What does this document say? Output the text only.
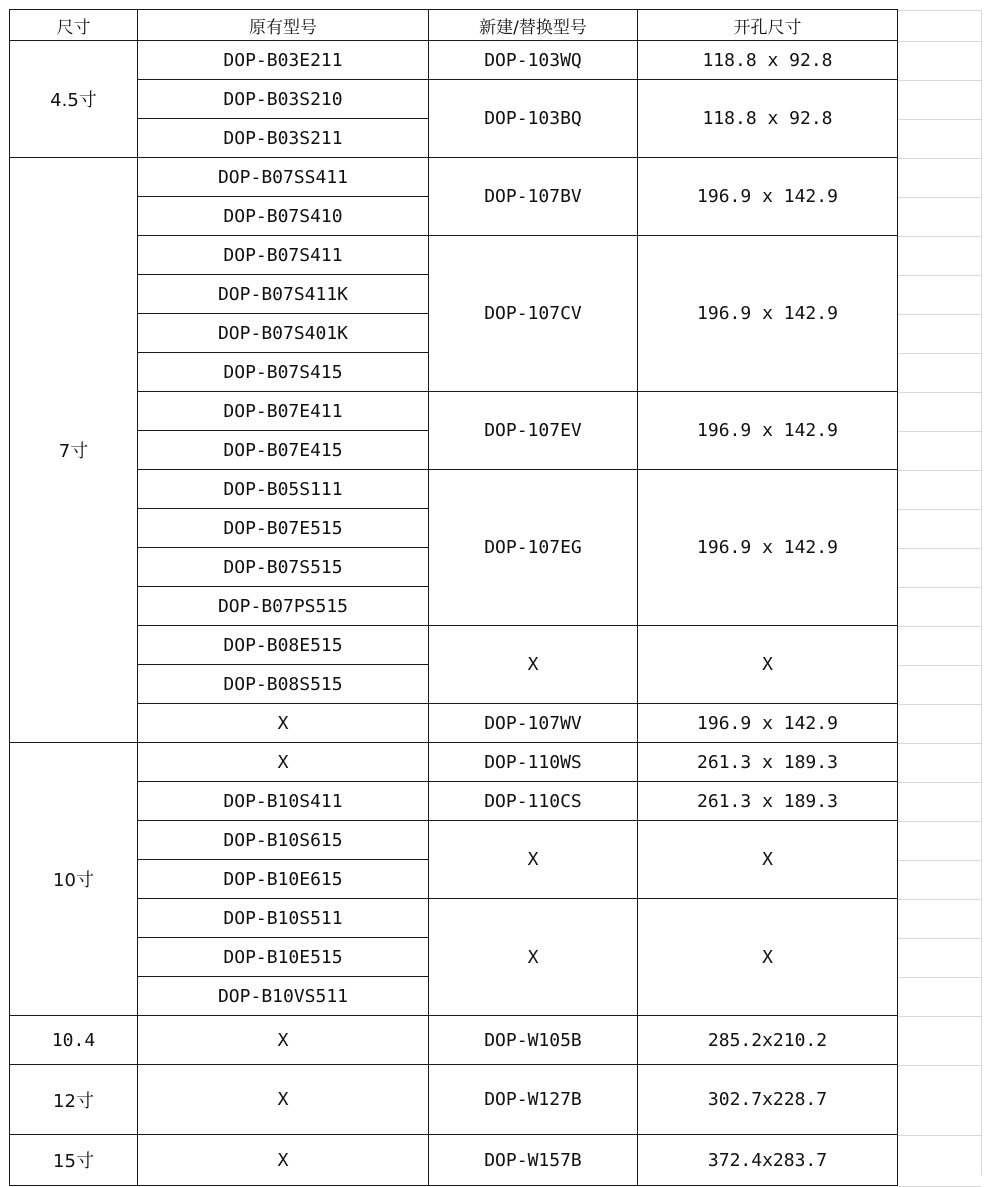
尺寸	原有型号	新建/替换型号	开孔尺寸
4.5寸	DOP-B03E211	DOP-103WQ	118.8 x 92.8
	DOP-B03S210	DOP-103BQ	118.8 x 92.8
	DOP-B03S211		
7寸	DOP-B07SS411	DOP-107BV	196.9 x 142.9
	DOP-B07S410		
	DOP-B07S411	DOP-107CV	196.9 x 142.9
	DOP-B07S411K		
	DOP-B07S401K		
	DOP-B07S415		
	DOP-B07E411	DOP-107EV	196.9 x 142.9
	DOP-B07E415		
	DOP-B05S111	DOP-107EG	196.9 x 142.9
	DOP-B07E515		
	DOP-B07S515		
	DOP-B07PS515		
	DOP-B08E515	X	X
	DOP-B08S515		
	X	DOP-107WV	196.9 x 142.9
10寸	X	DOP-110WS	261.3 x 189.3
	DOP-B10S411	DOP-110CS	261.3 x 189.3
	DOP-B10S615	X	X
	DOP-B10E615		
	DOP-B10S511	X	X
	DOP-B10E515		
	DOP-B10VS511		
10.4	X	DOP-W105B	285.2x210.2
12寸	X	DOP-W127B	302.7x228.7
15寸	X	DOP-W157B	372.4x283.7
